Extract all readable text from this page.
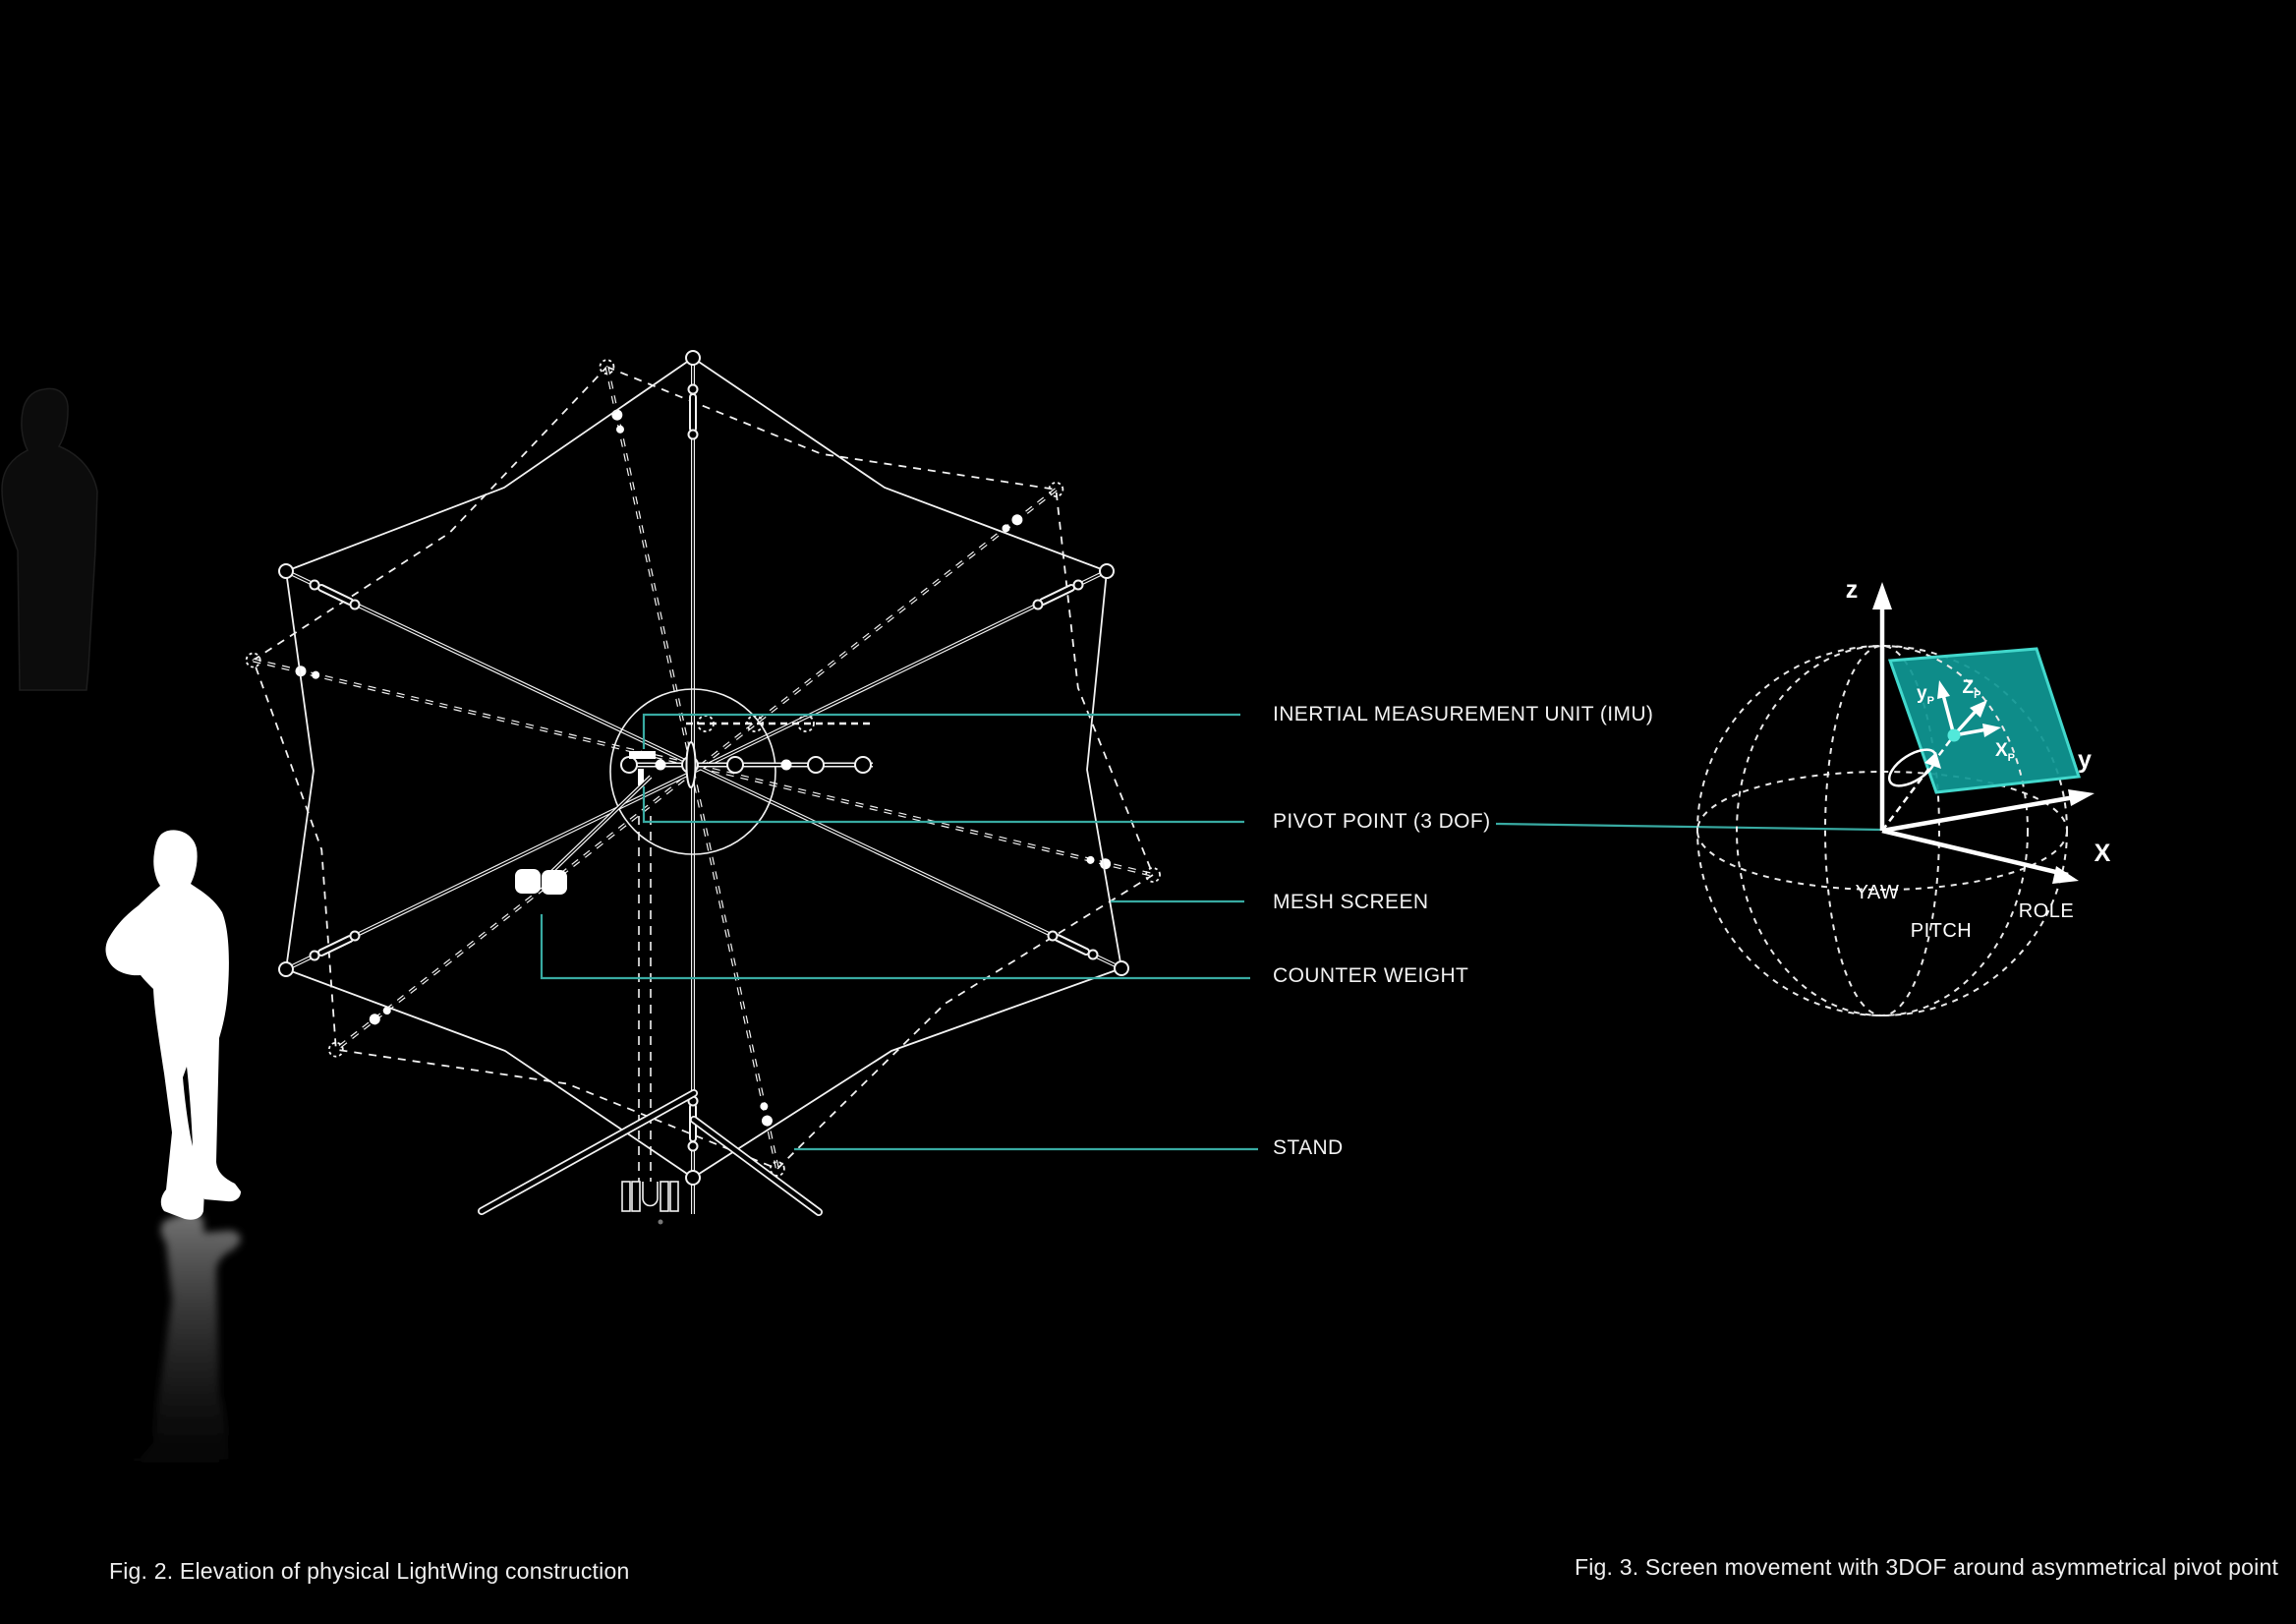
INERTIAL MEASUREMENT UNIT (IMU)
PIVOT POINT (3 DOF)
MESH SCREEN
COUNTER WEIGHT
STAND
z
y
X
YAW
PITCH
ROLE
$y_P$
$Z_P$
$X_P$
Fig. 2. Elevation of physical LightWing construction	Fig. 3. Screen movement with 3DOF around asymmetrical pivot point
